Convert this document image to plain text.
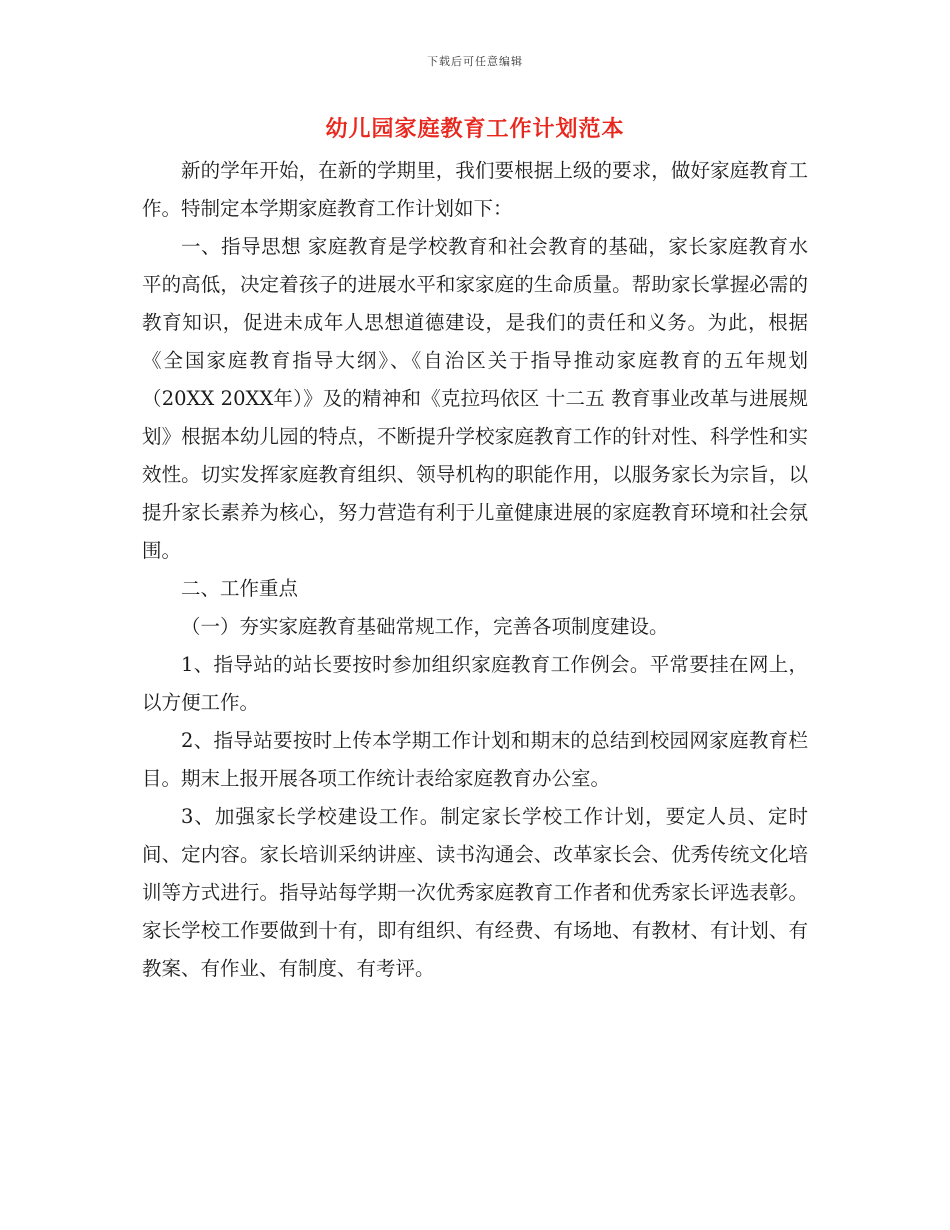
下载后可任意编辑
幼儿园家庭教育工作计划范本

新的学年开始，在新的学期里，我们要根据上级的要求，做好家庭教育工作。特制定本学期家庭教育工作计划如下：

一、指导思想 家庭教育是学校教育和社会教育的基础，家长家庭教育水平的高低，决定着孩子的进展水平和家家庭的生命质量。帮助家长掌握必需的教育知识，促进未成年人思想道德建设，是我们的责任和义务。为此，根据《全国家庭教育指导大纲》、《自治区关于指导推动家庭教育的五年规划（20XX 20XX年）》及的精神和《克拉玛依区 十二五 教育事业改革与进展规划》根据本幼儿园的特点，不断提升学校家庭教育工作的针对性、科学性和实效性。切实发挥家庭教育组织、领导机构的职能作用，以服务家长为宗旨，以提升家长素养为核心，努力营造有利于儿童健康进展的家庭教育环境和社会氛围。

二、工作重点

（一）夯实家庭教育基础常规工作，完善各项制度建设。

1、指导站的站长要按时参加组织家庭教育工作例会。平常要挂在网上，以方便工作。

2、指导站要按时上传本学期工作计划和期末的总结到校园网家庭教育栏目。期末上报开展各项工作统计表给家庭教育办公室。

3、加强家长学校建设工作。制定家长学校工作计划，要定人员、定时间、定内容。家长培训采纳讲座、读书沟通会、改革家长会、优秀传统文化培训等方式进行。指导站每学期一次优秀家庭教育工作者和优秀家长评选表彰。家长学校工作要做到十有，即有组织、有经费、有场地、有教材、有计划、有教案、有作业、有制度、有考评。
